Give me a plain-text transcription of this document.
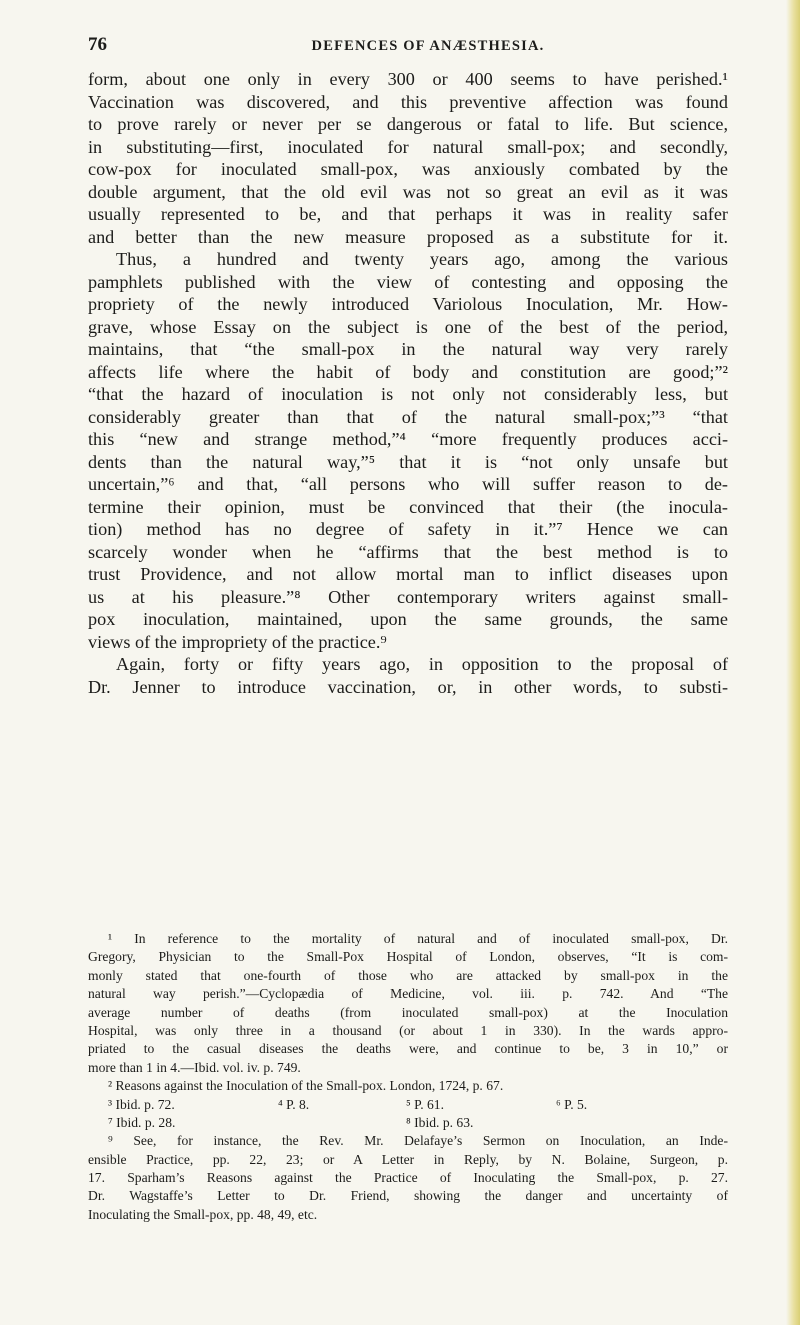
76	DEFENCES OF ANÆSTHESIA.
form, about one only in every 300 or 400 seems to have perished.¹
Vaccination was discovered, and this preventive affection was found
to prove rarely or never per se dangerous or fatal to life. But science,
in substituting—first, inoculated for natural small-pox; and secondly,
cow-pox for inoculated small-pox, was anxiously combated by the
double argument, that the old evil was not so great an evil as it was
usually represented to be, and that perhaps it was in reality safer
and better than the new measure proposed as a substitute for it.
Thus, a hundred and twenty years ago, among the various
pamphlets published with the view of contesting and opposing the
propriety of the newly introduced Variolous Inoculation, Mr. How-
grave, whose Essay on the subject is one of the best of the period,
maintains, that “the small-pox in the natural way very rarely
affects life where the habit of body and constitution are good;”²
“that the hazard of inoculation is not only not considerably less, but
considerably greater than that of the natural small-pox;”³ “that
this “new and strange method,”⁴ “more frequently produces acci-
dents than the natural way,”⁵ that it is “not only unsafe but
uncertain,”⁶ and that, “all persons who will suffer reason to de-
termine their opinion, must be convinced that their (the inocula-
tion) method has no degree of safety in it.”⁷ Hence we can
scarcely wonder when he “affirms that the best method is to
trust Providence, and not allow mortal man to inflict diseases upon
us at his pleasure.”⁸ Other contemporary writers against small-
pox inoculation, maintained, upon the same grounds, the same
views of the impropriety of the practice.⁹
Again, forty or fifty years ago, in opposition to the proposal of
Dr. Jenner to introduce vaccination, or, in other words, to substi-
¹ In reference to the mortality of natural and of inoculated small-pox, Dr.
Gregory, Physician to the Small-Pox Hospital of London, observes, “It is com-
monly stated that one-fourth of those who are attacked by small-pox in the
natural way perish.”—Cyclopædia of Medicine, vol. iii. p. 742. And “The
average number of deaths (from inoculated small-pox) at the Inoculation
Hospital, was only three in a thousand (or about 1 in 330). In the wards appro-
priated to the casual diseases the deaths were, and continue to be, 3 in 10,” or
more than 1 in 4.—Ibid. vol. iv. p. 749.
² Reasons against the Inoculation of the Small-pox. London, 1724, p. 67.
³ Ibid. p. 72.	⁴ P. 8.	⁵ P. 61.	⁶ P. 5.
⁷ Ibid. p. 28.	⁸ Ibid. p. 63.
⁹ See, for instance, the Rev. Mr. Delafaye’s Sermon on Inoculation, an Inde-
ensible Practice, pp. 22, 23; or A Letter in Reply, by N. Bolaine, Surgeon, p.
17. Sparham’s Reasons against the Practice of Inoculating the Small-pox, p. 27.
Dr. Wagstaffe’s Letter to Dr. Friend, showing the danger and uncertainty of
Inoculating the Small-pox, pp. 48, 49, etc.
